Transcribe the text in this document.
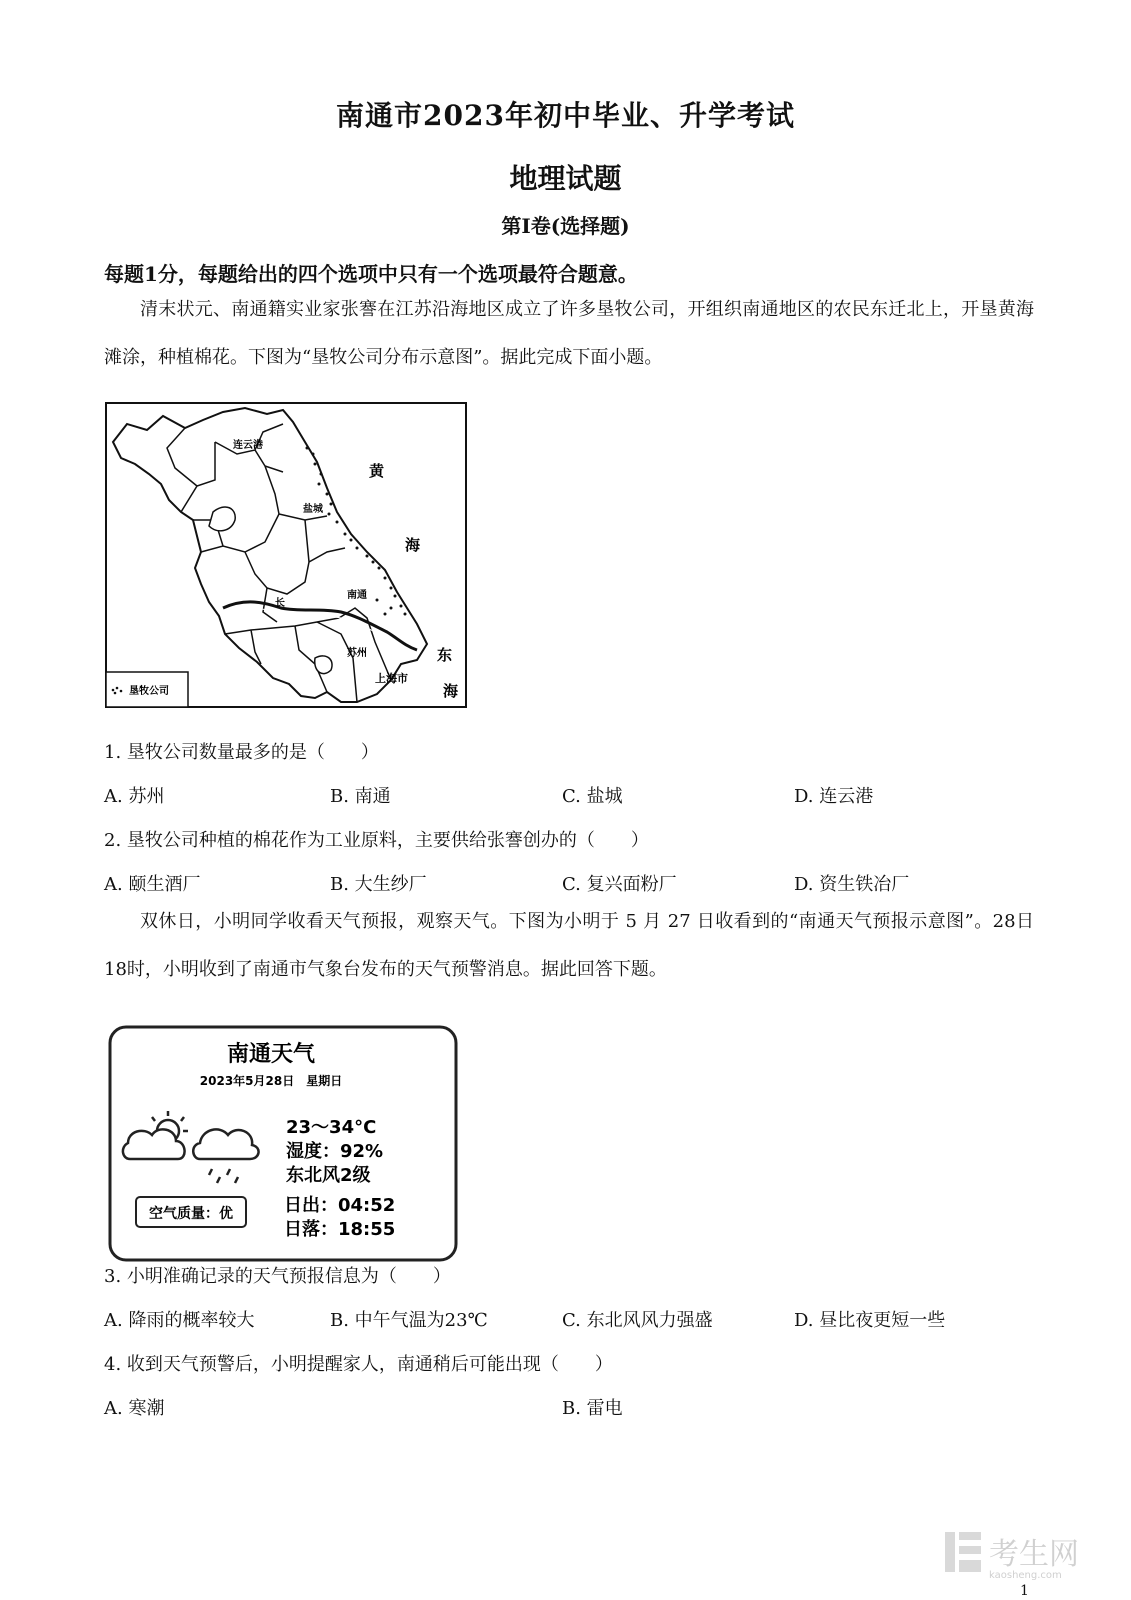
南通市2023年初中毕业、升学考试
地理试题
第Ⅰ卷(选择题)
每题1分，每题给出的四个选项中只有一个选项最符合题意。
清末状元、南通籍实业家张謇在江苏沿海地区成立了许多垦牧公司，开组织南通地区的农民东迁北上，开垦黄海滩涂，种植棉花。下图为“垦牧公司分布示意图”。据此完成下面小题。
连云港
盐城
南通
苏州
上海市
长
黄
海
东
海
垦牧公司
1. 垦牧公司数量最多的是（　　）
A. 苏州	B. 南通	C. 盐城	D. 连云港
2. 垦牧公司种植的棉花作为工业原料，主要供给张謇创办的（　　）
A. 颐生酒厂	B. 大生纱厂	C. 复兴面粉厂	D. 资生铁冶厂
双休日，小明同学收看天气预报，观察天气。下图为小明于 5 月 27 日收看到的“南通天气预报示意图”。28日18时，小明收到了南通市气象台发布的天气预警消息。据此回答下题。
南通天气
2023年5月28日　星期日
23～34°C
湿度：92%
东北风2级
空气质量：优	日出：04:52
日落：18:55
3. 小明准确记录的天气预报信息为（　　）
A. 降雨的概率较大	B. 中午气温为23℃	C. 东北风风力强盛	D. 昼比夜更短一些
4. 收到天气预警后，小明提醒家人，南通稍后可能出现（　　）
A. 寒潮	B. 雷电
考生网
kaosheng.com
1
